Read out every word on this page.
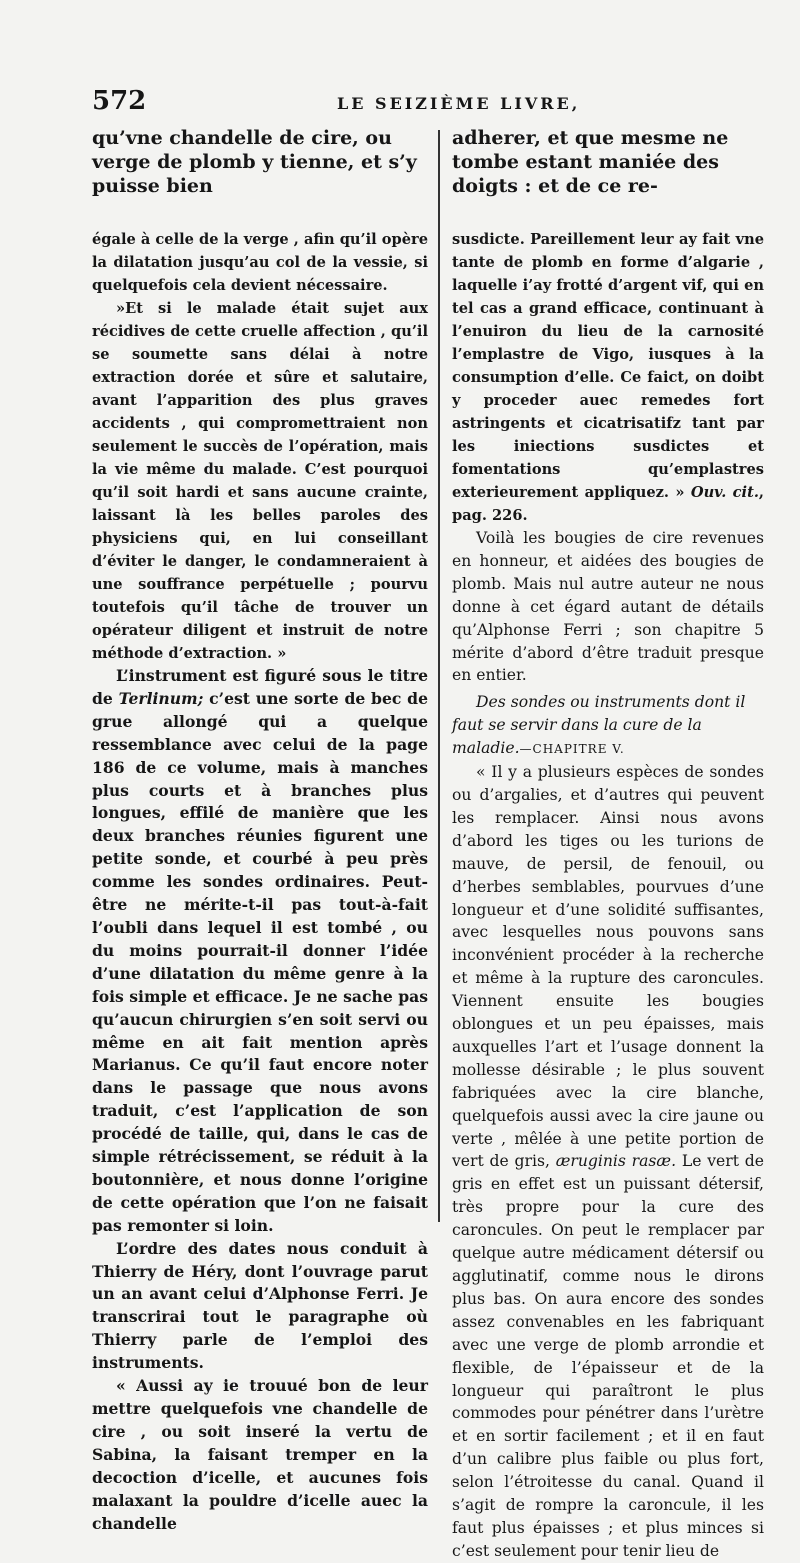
572	LE SEIZIÈME LIVRE,

qu’vne chandelle de cire, ou verge de plomb y tienne, et s’y puisse bien

égale à celle de la verge , afin qu’il opère la dilatation jusqu’au col de la vessie, si quelquefois cela devient nécessaire.

»Et si le malade était sujet aux récidives de cette cruelle affection , qu’il se soumette sans délai à notre extraction dorée et sûre et salutaire, avant l’apparition des plus graves accidents , qui compromettraient non seulement le succès de l’opération, mais la vie même du malade. C’est pourquoi qu’il soit hardi et sans aucune crainte, laissant là les belles paroles des physiciens qui, en lui conseillant d’éviter le danger, le condamneraient à une souffrance perpétuelle ; pourvu toutefois qu’il tâche de trouver un opérateur diligent et instruit de notre méthode d’extraction. »

L’instrument est figuré sous le titre de Terlinum; c’est une sorte de bec de grue allongé qui a quelque ressemblance avec celui de la page 186 de ce volume, mais à manches plus courts et à branches plus longues, effilé de manière que les deux branches réunies figurent une petite sonde, et courbé à peu près comme les sondes ordinaires. Peut-être ne mérite-t-il pas tout-à-fait l’oubli dans lequel il est tombé , ou du moins pourrait-il donner l’idée d’une dilatation du même genre à la fois simple et efficace. Je ne sache pas qu’aucun chirurgien s’en soit servi ou même en ait fait mention après Marianus. Ce qu’il faut encore noter dans le passage que nous avons traduit, c’est l’application de son procédé de taille, qui, dans le cas de simple rétrécissement, se réduit à la boutonnière, et nous donne l’origine de cette opération que l’on ne faisait pas remonter si loin.

L’ordre des dates nous conduit à Thierry de Héry, dont l’ouvrage parut un an avant celui d’Alphonse Ferri. Je transcrirai tout le paragraphe où Thierry parle de l’emploi des instruments.

« Aussi ay ie trouué bon de leur mettre quelquefois vne chandelle de cire , ou soit inseré la vertu de Sabina, la faisant tremper en la decoction d’icelle, et aucunes fois malaxant la pouldre d’icelle auec la chandelle

adherer, et que mesme ne tombe estant maniée des doigts : et de ce re-

susdicte. Pareillement leur ay fait vne tante de plomb en forme d’algarie , laquelle i’ay frotté d’argent vif, qui en tel cas a grand efficace, continuant à l’enuiron du lieu de la carnosité l’emplastre de Vigo, iusques à la consumption d’elle. Ce faict, on doibt y proceder auec remedes fort astringents et cicatrisatifz tant par les iniections susdictes et fomentations qu’emplastres exterieurement appliquez. » Ouv. cit., pag. 226.

Voilà les bougies de cire revenues en honneur, et aidées des bougies de plomb. Mais nul autre auteur ne nous donne à cet égard autant de détails qu’Alphonse Ferri ; son chapitre 5 mérite d’abord d’être traduit presque en entier.

Des sondes ou instruments dont il faut se servir dans la cure de la maladie.—CHAPITRE V.

« Il y a plusieurs espèces de sondes ou d’argalies, et d’autres qui peuvent les remplacer. Ainsi nous avons d’abord les tiges ou les turions de mauve, de persil, de fenouil, ou d’herbes semblables, pourvues d’une longueur et d’une solidité suffisantes, avec lesquelles nous pouvons sans inconvénient procéder à la recherche et même à la rupture des caroncules. Viennent ensuite les bougies oblongues et un peu épaisses, mais auxquelles l’art et l’usage donnent la mollesse désirable ; le plus souvent fabriquées avec la cire blanche, quelquefois aussi avec la cire jaune ou verte , mêlée à une petite portion de vert de gris, æruginis rasæ. Le vert de gris en effet est un puissant détersif, très propre pour la cure des caroncules. On peut le remplacer par quelque autre médicament détersif ou agglutinatif, comme nous le dirons plus bas. On aura encore des sondes assez convenables en les fabriquant avec une verge de plomb arrondie et flexible, de l’épaisseur et de la longueur qui paraîtront le plus commodes pour pénétrer dans l’urètre et en sortir facilement ; et il en faut d’un calibre plus faible ou plus fort, selon l’étroitesse du canal. Quand il s’agit de rompre la caroncule, il les faut plus épaisses ; et plus minces si c’est seulement pour tenir lieu de
